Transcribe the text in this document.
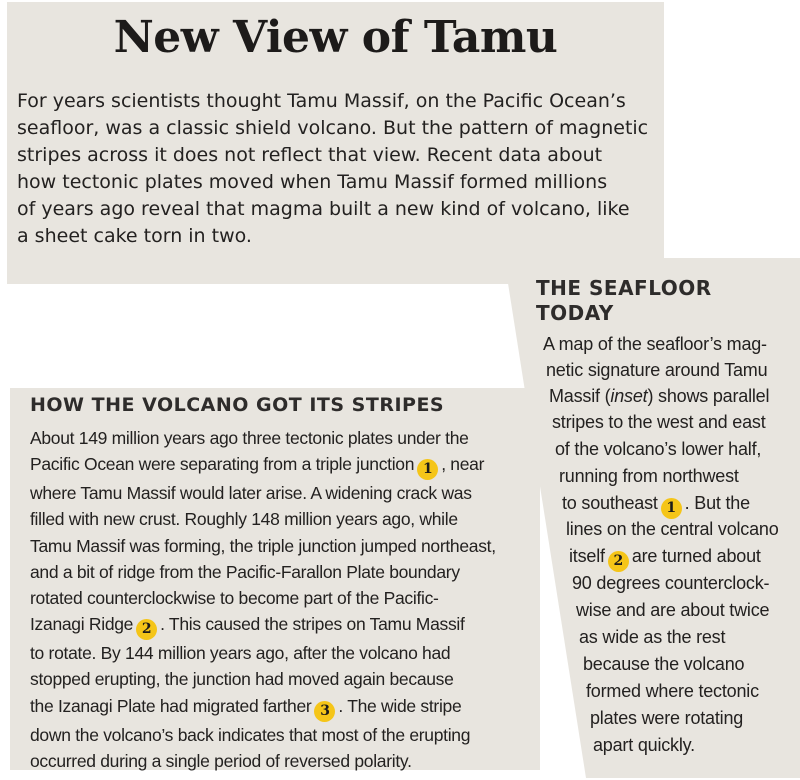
New View of Tamu

For years scientists thought Tamu Massif, on the Pacific Ocean’s
seafloor, was a classic shield volcano. But the pattern of magnetic
stripes across it does not reflect that view. Recent data about
how tectonic plates moved when Tamu Massif formed millions
of years ago reveal that magma built a new kind of volcano, like
a sheet cake torn in two.

THE SEAFLOOR
TODAY
A map of the seafloor’s mag-
netic signature around Tamu
Massif (inset) shows parallel
stripes to the west and east
of the volcano’s lower half,
running from northwest
to southeast 1 . But the
lines on the central volcano
itself 2 are turned about
90 degrees counterclock-
wise and are about twice
as wide as the rest
because the volcano
formed where tectonic
plates were rotating
apart quickly.
HOW THE VOLCANO GOT ITS STRIPES

About 149 million years ago three tectonic plates under the
Pacific Ocean were separating from a triple junction 1 , near
where Tamu Massif would later arise. A widening crack was
filled with new crust. Roughly 148 million years ago, while
Tamu Massif was forming, the triple junction jumped northeast,
and a bit of ridge from the Pacific-Farallon Plate boundary
rotated counterclockwise to become part of the Pacific-
Izanagi Ridge 2 . This caused the stripes on Tamu Massif
to rotate. By 144 million years ago, after the volcano had
stopped erupting, the junction had moved again because
the Izanagi Plate had migrated farther 3 . The wide stripe
down the volcano’s back indicates that most of the erupting
occurred during a single period of reversed polarity.
